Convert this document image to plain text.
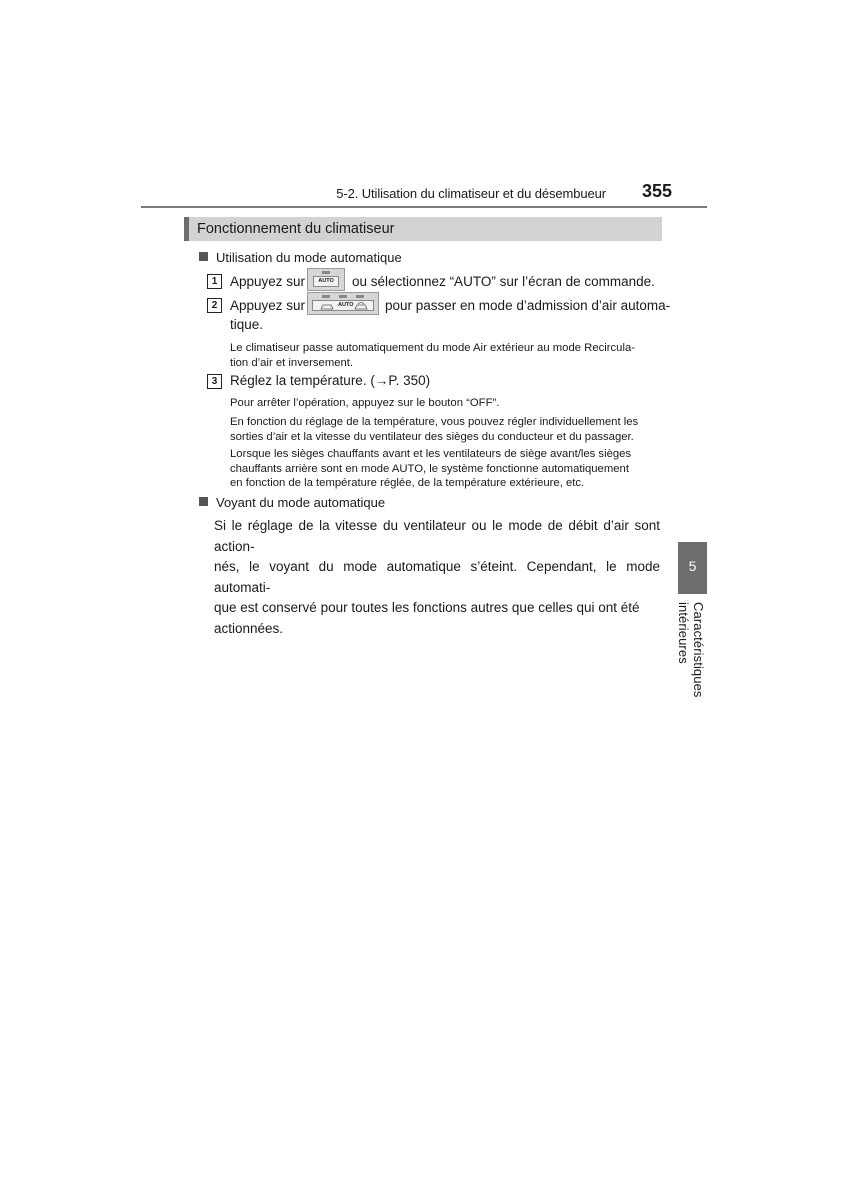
5-2. Utilisation du climatiseur et du désembueur	355
Fonctionnement du climatiseur
Utilisation du mode automatique
1 Appuyez sur	AUTO	ou sélectionnez “AUTO” sur l’écran de commande.
2 Appuyez sur	AUTO pour passer en mode d’admission d’air automa-
tique.
Le climatiseur passe automatiquement du mode Air extérieur au mode Recircula-
tion d’air et inversement.
3 Réglez la température. (→P. 350)
Pour arrêter l’opération, appuyez sur le bouton “OFF”.
En fonction du réglage de la température, vous pouvez régler individuellement les
sorties d’air et la vitesse du ventilateur des sièges du conducteur et du passager.
Lorsque les sièges chauffants avant et les ventilateurs de siège avant/les sièges
chauffants arrière sont en mode AUTO, le système fonctionne automatiquement
en fonction de la température réglée, de la température extérieure, etc.
Voyant du mode automatique
Si le réglage de la vitesse du ventilateur ou le mode de débit d’air sont action-
nés, le voyant du mode automatique s’éteint. Cependant, le mode automati-
que est conservé pour toutes les fonctions autres que celles qui ont été
actionnées.
5
Caractéristiques intérieures
